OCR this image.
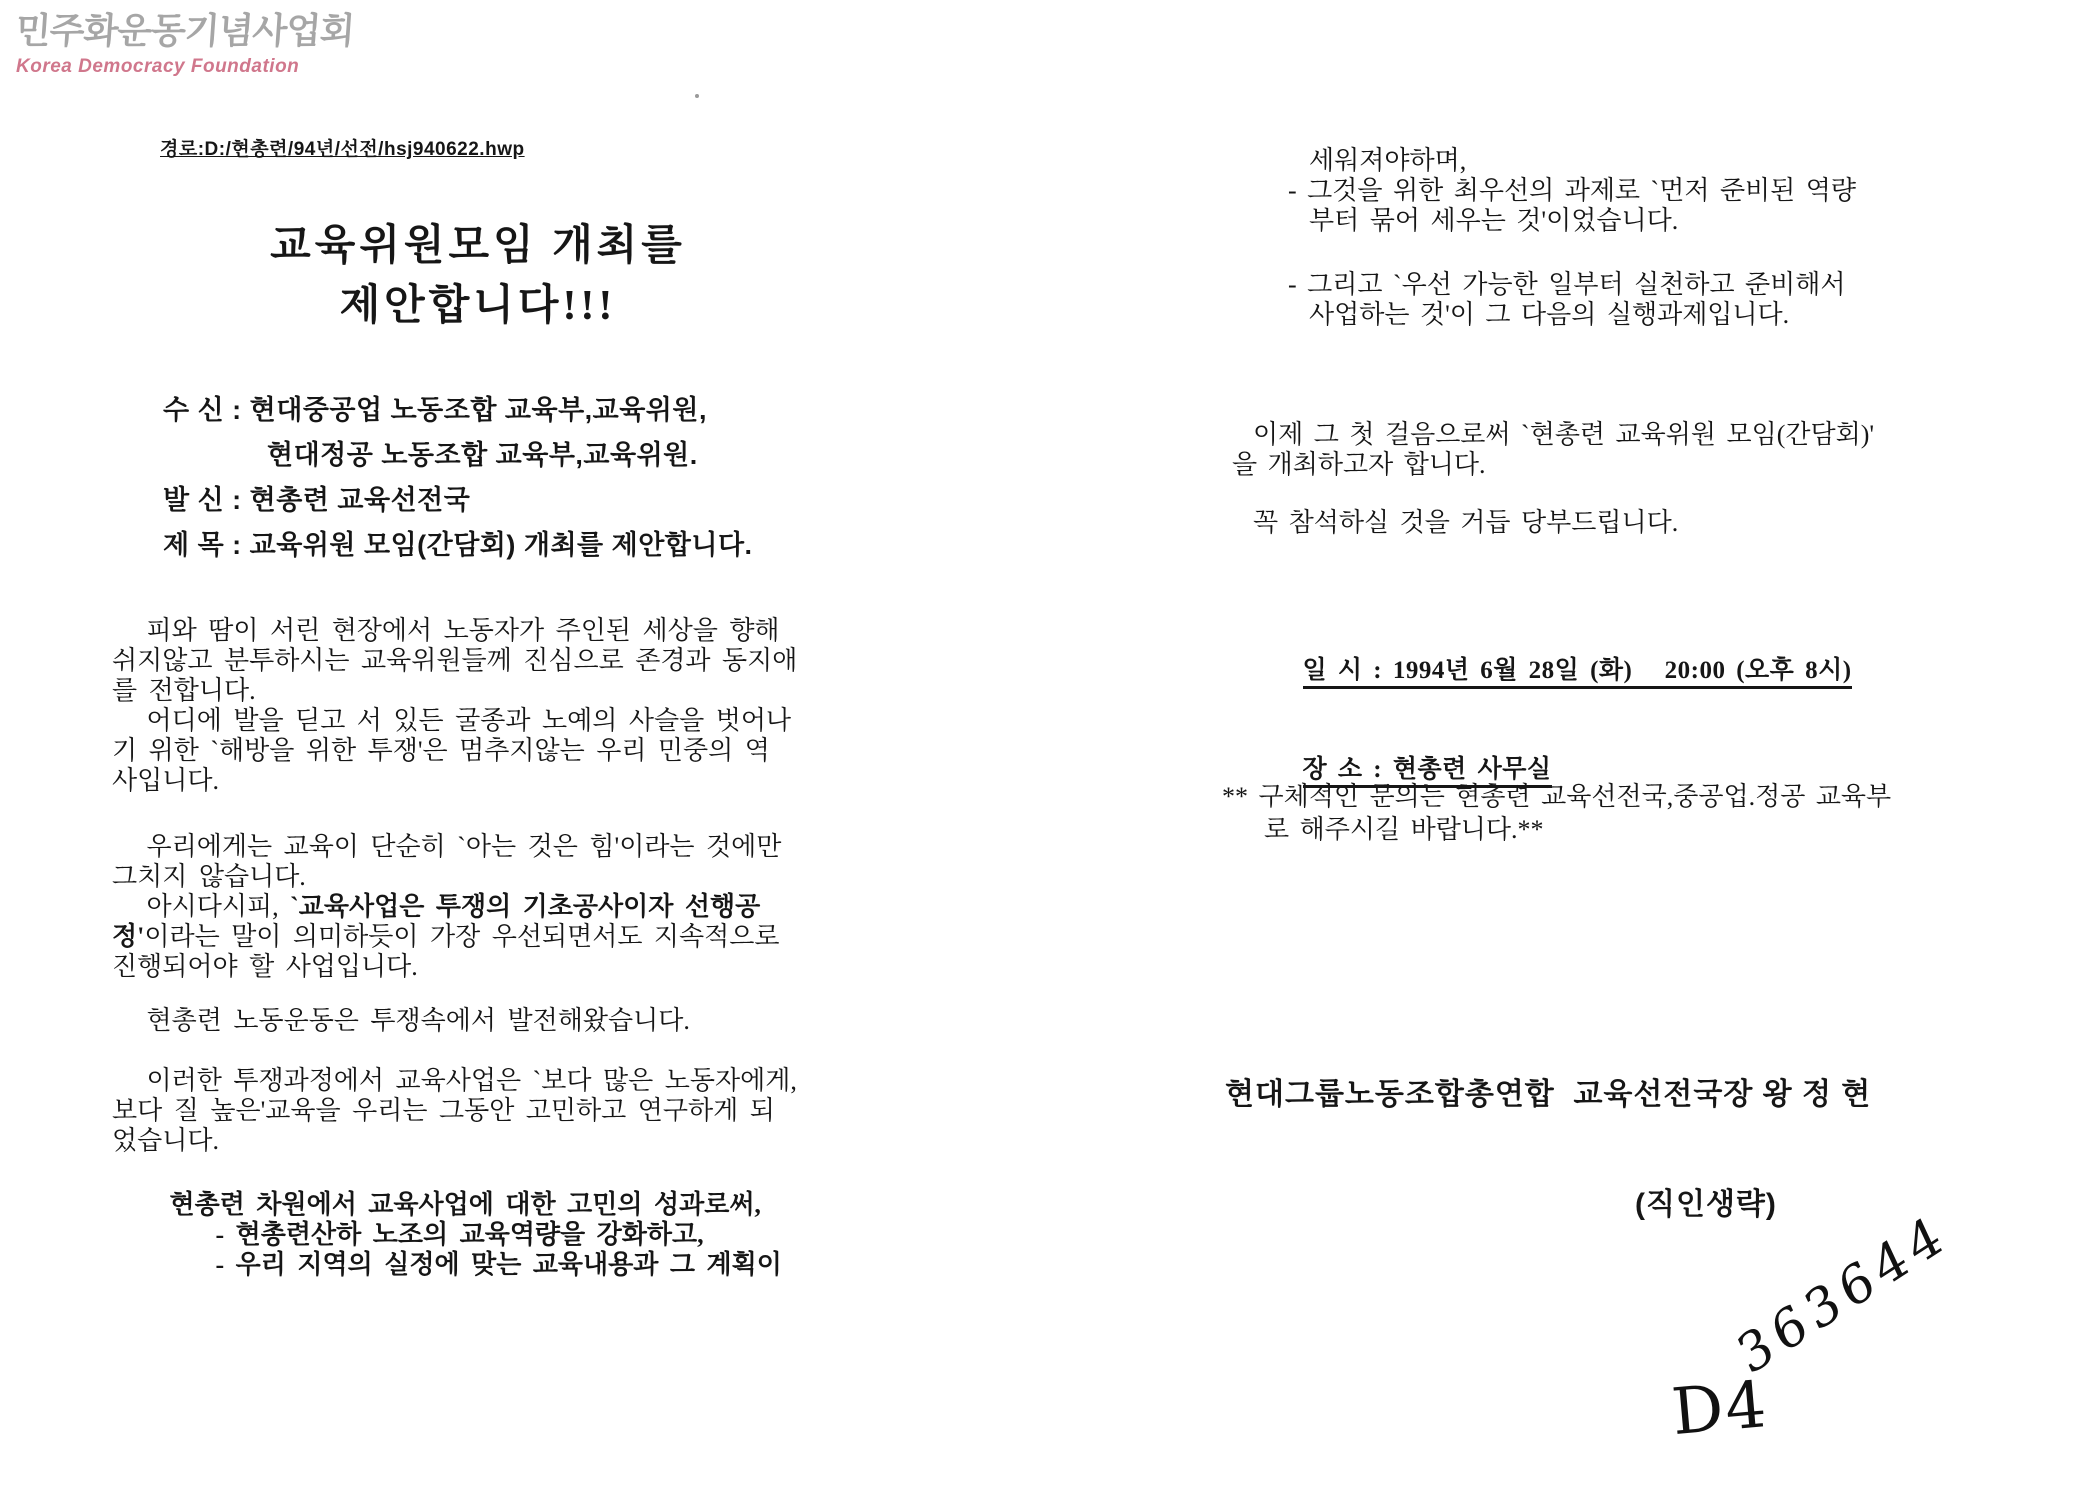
민주화운동기념사업회
Korea Democracy Foundation
경로:D:/현총련/94년/선전/hsj940622.hwp
교육위원모임 개최를
제안합니다!!!
수 신 : 현대중공업 노동조합 교육부,교육위원,
현대정공 노동조합 교육부,교육위원.
발 신 : 현총련 교육선전국
제 목 : 교육위원 모임(간담회) 개최를 제안합니다.
피와 땀이 서린 현장에서 노동자가 주인된 세상을 향해
쉬지않고 분투하시는 교육위원들께 진심으로 존경과 동지애
를 전합니다.
어디에 발을 딛고 서 있든 굴종과 노예의 사슬을 벗어나
기 위한 `해방을 위한 투쟁'은 멈추지않는 우리 민중의 역
사입니다.
우리에게는 교육이 단순히 `아는 것은 힘'이라는 것에만
그치지 않습니다.
아시다시피, `교육사업은 투쟁의 기초공사이자 선행공
정'이라는 말이 의미하듯이 가장 우선되면서도 지속적으로
진행되어야 할 사업입니다.
현총련 노동운동은 투쟁속에서 발전해왔습니다.
이러한 투쟁과정에서 교육사업은 `보다 많은 노동자에게,
보다 질 높은'교육을 우리는 그동안 고민하고 연구하게 되
었습니다.
현총련 차원에서 교육사업에 대한 고민의 성과로써,
- 현총련산하 노조의 교육역량을 강화하고,
- 우리 지역의 실정에 맞는 교육내용과 그 계획이
세워져야하며,
- 그것을 위한 최우선의 과제로 `먼저 준비된 역량
부터 묶어 세우는 것'이었습니다.
- 그리고 `우선 가능한 일부터 실천하고 준비해서
사업하는 것'이 그 다음의 실행과제입니다.
이제 그 첫 걸음으로써 `현총련 교육위원 모임(간담회)'
을 개최하고자 합니다.
꼭 참석하실 것을 거듭 당부드립니다.

일 시 : 1994년 6월 28일 (화)   20:00 (오후 8시)

장 소 : 현총련 사무실

** 구체적인 문의는 현총련 교육선전국,중공업.정공 교육부
로 해주시길 바랍니다.**

현대그룹노동조합총연합  교육선전국장 왕 정 현

(직인생략)

D4
363644
